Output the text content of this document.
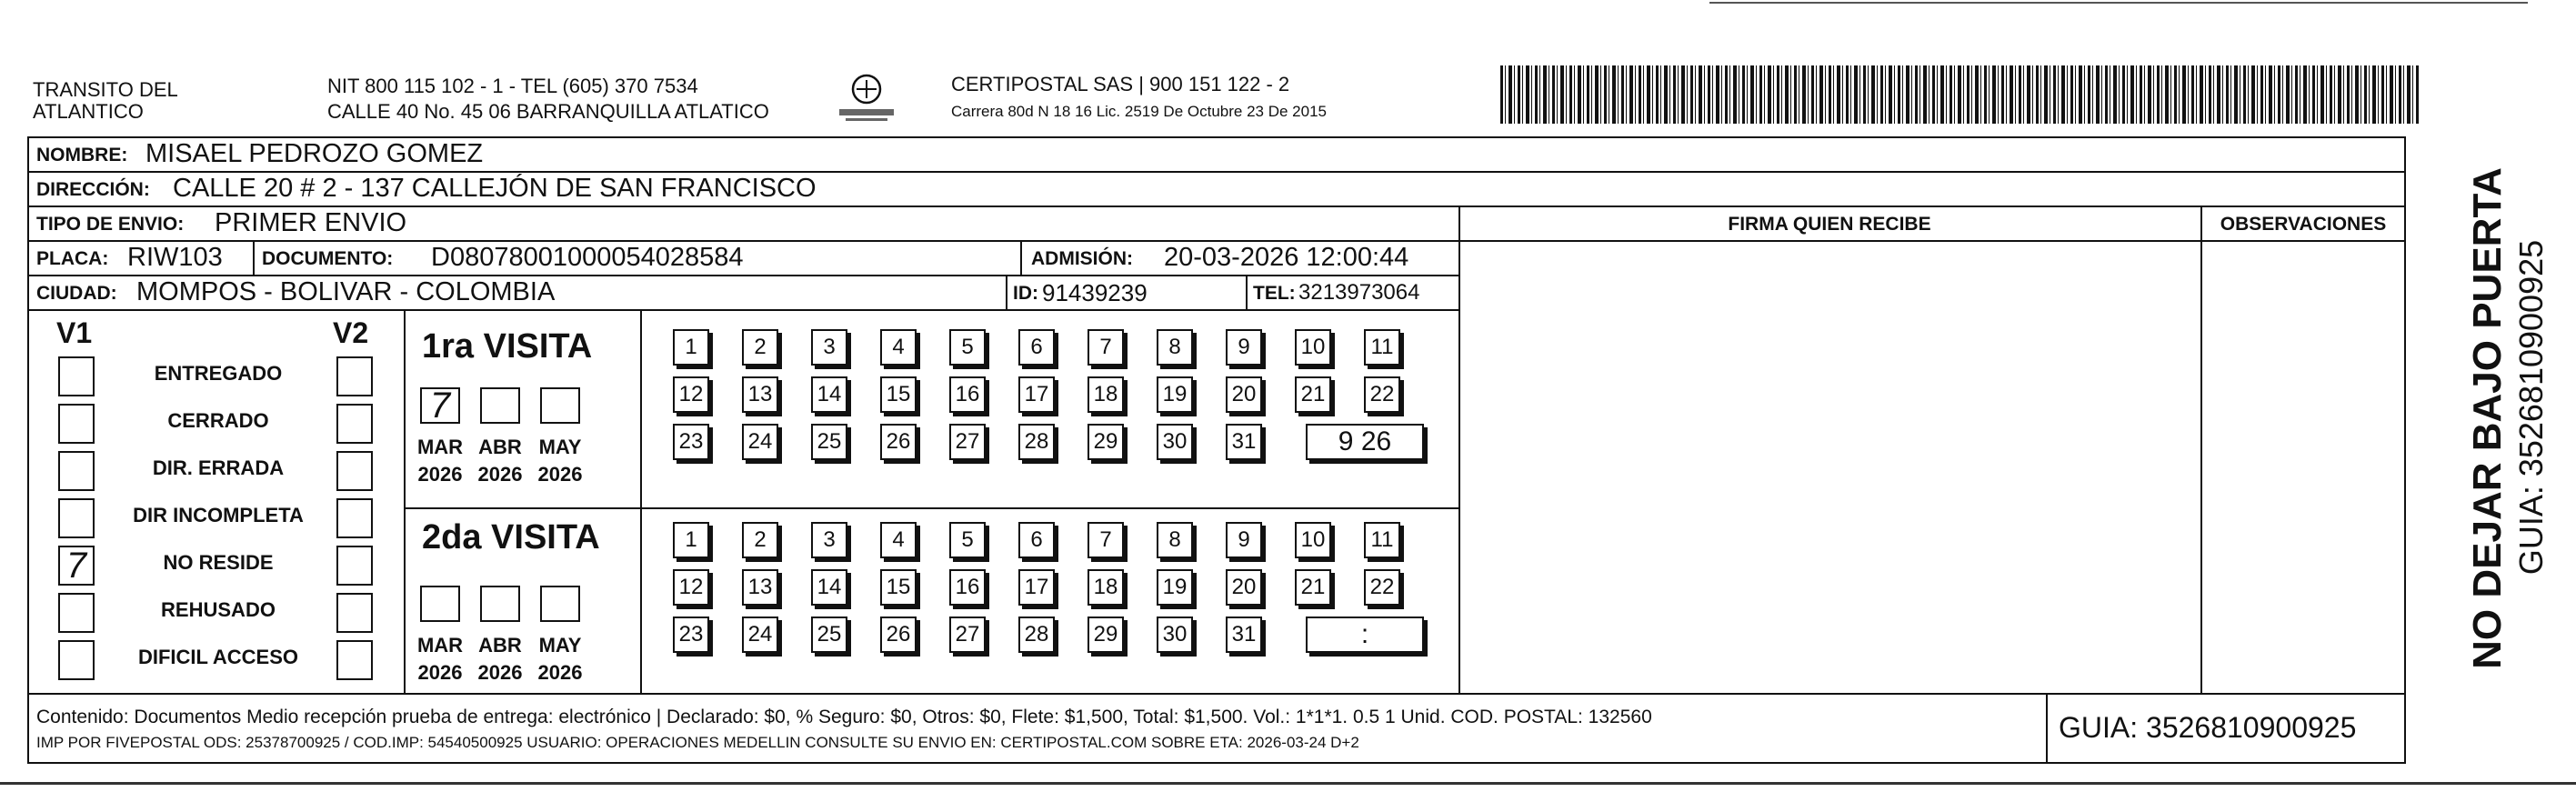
TRANSITO DEL
ATLANTICO
NIT 800 115 102 - 1 - TEL (605) 370 7534
CALLE 40 No. 45 06 BARRANQUILLA ATLATICO
CERTIPOSTAL SAS | 900 151 122 - 2
Carrera 80d N 18 16 Lic. 2519 De Octubre 23 De 2015
NOMBRE: MISAEL PEDROZO GOMEZ
DIRECCIÓN: CALLE 20 # 2 - 137 CALLEJÓN DE SAN FRANCISCO
TIPO DE ENVIO: PRIMER ENVIO	FIRMA QUIEN RECIBE	OBSERVACIONES
PLACA: RIW103 DOCUMENTO: D08078001000054028584	ADMISIÓN: 20-03-2026 12:00:44
CIUDAD: MOMPOS - BOLIVAR - COLOMBIA	ID: 91439239	TEL: 3213973064
V1	V2
ENTREGADO
CERRADO
DIR. ERRADA
DIR INCOMPLETA
7	NO RESIDE
REHUSADO
DIFICIL ACCESO
1ra VISITA
7
MAR
2026
ABR
2026
MAY
2026
1	2	3	4	5	6	7	8	9	10	11
12 13 14 15 16 17 18 19 20 21 22
23 24 25 26 27 28 29 30 31	9 26
2da VISITA
MAR
2026
ABR
2026
MAY
2026
1	2	3	4	5	6	7	8	9	10	11
12 13 14 15 16 17 18 19 20 21 22
23 24 25 26 27 28 29 30 31	:
Contenido: Documentos Medio recepción prueba de entrega: electrónico | Declarado: $0, % Seguro: $0, Otros: $0, Flete: $1,500, Total: $1,500. Vol.: 1*1*1. 0.5 1 Unid. COD. POSTAL: 132560
IMP POR FIVEPOSTAL ODS: 25378700925 / COD.IMP: 54540500925 USUARIO: OPERACIONES MEDELLIN CONSULTE SU ENVIO EN: CERTIPOSTAL.COM SOBRE ETA: 2026-03-24 D+2	GUIA: 3526810900925
NO DEJAR BAJO PUERTA GUIA: 3526810900925
